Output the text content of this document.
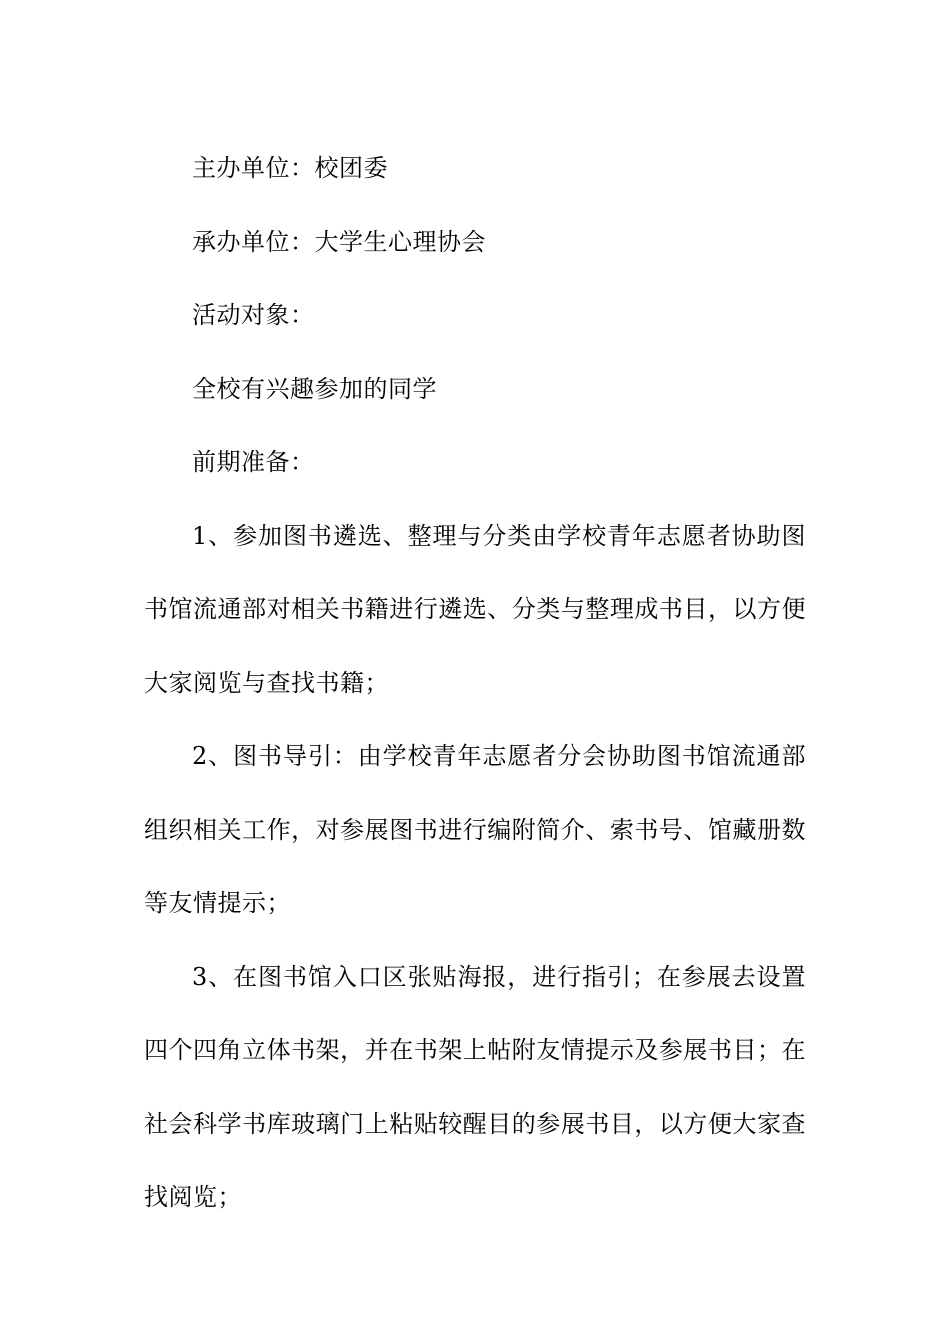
主办单位：校团委

承办单位：大学生心理协会

活动对象：

全校有兴趣参加的同学

前期准备：

1、参加图书遴选、整理与分类由学校青年志愿者协助图书馆流通部对相关书籍进行遴选、分类与整理成书目，以方便大家阅览与查找书籍；

2、图书导引：由学校青年志愿者分会协助图书馆流通部组织相关工作，对参展图书进行编附简介、索书号、馆藏册数等友情提示；

3、在图书馆入口区张贴海报，进行指引；在参展去设置四个四角立体书架，并在书架上帖附友情提示及参展书目；在社会科学书库玻璃门上粘贴较醒目的参展书目，以方便大家查找阅览；
